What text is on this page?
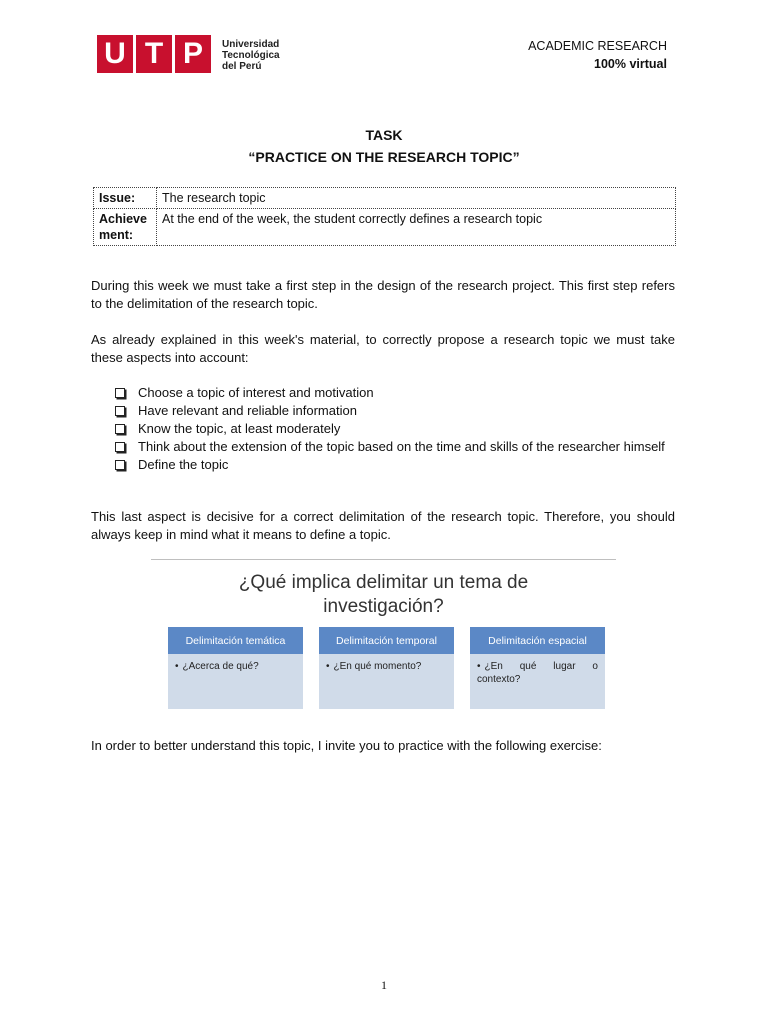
U T P	Universidad
Tecnológica
del Perú
ACADEMIC RESEARCH
100% virtual
TASK
“PRACTICE ON THE RESEARCH TOPIC”
Issue:	The research topic
Achieve ment:	At the end of the week, the student correctly defines a research topic
During this week we must take a first step in the design of the research project. This first step refers to the delimitation of the research topic.
As already explained in this week's material, to correctly propose a research topic we must take these aspects into account:
Choose a topic of interest and motivation
Have relevant and reliable information
Know the topic, at least moderately
Think about the extension of the topic based on the time and skills of the researcher himself
Define the topic
This last aspect is decisive for a correct delimitation of the research topic. Therefore, you should always keep in mind what it means to define a topic.
¿Qué implica delimitar un tema de
investigación?
Delimitación temática
• ¿Acerca de qué?
Delimitación temporal
• ¿En qué momento?
Delimitación espacial
• ¿En qué lugar o contexto?
In order to better understand this topic, I invite you to practice with the following exercise:
1
